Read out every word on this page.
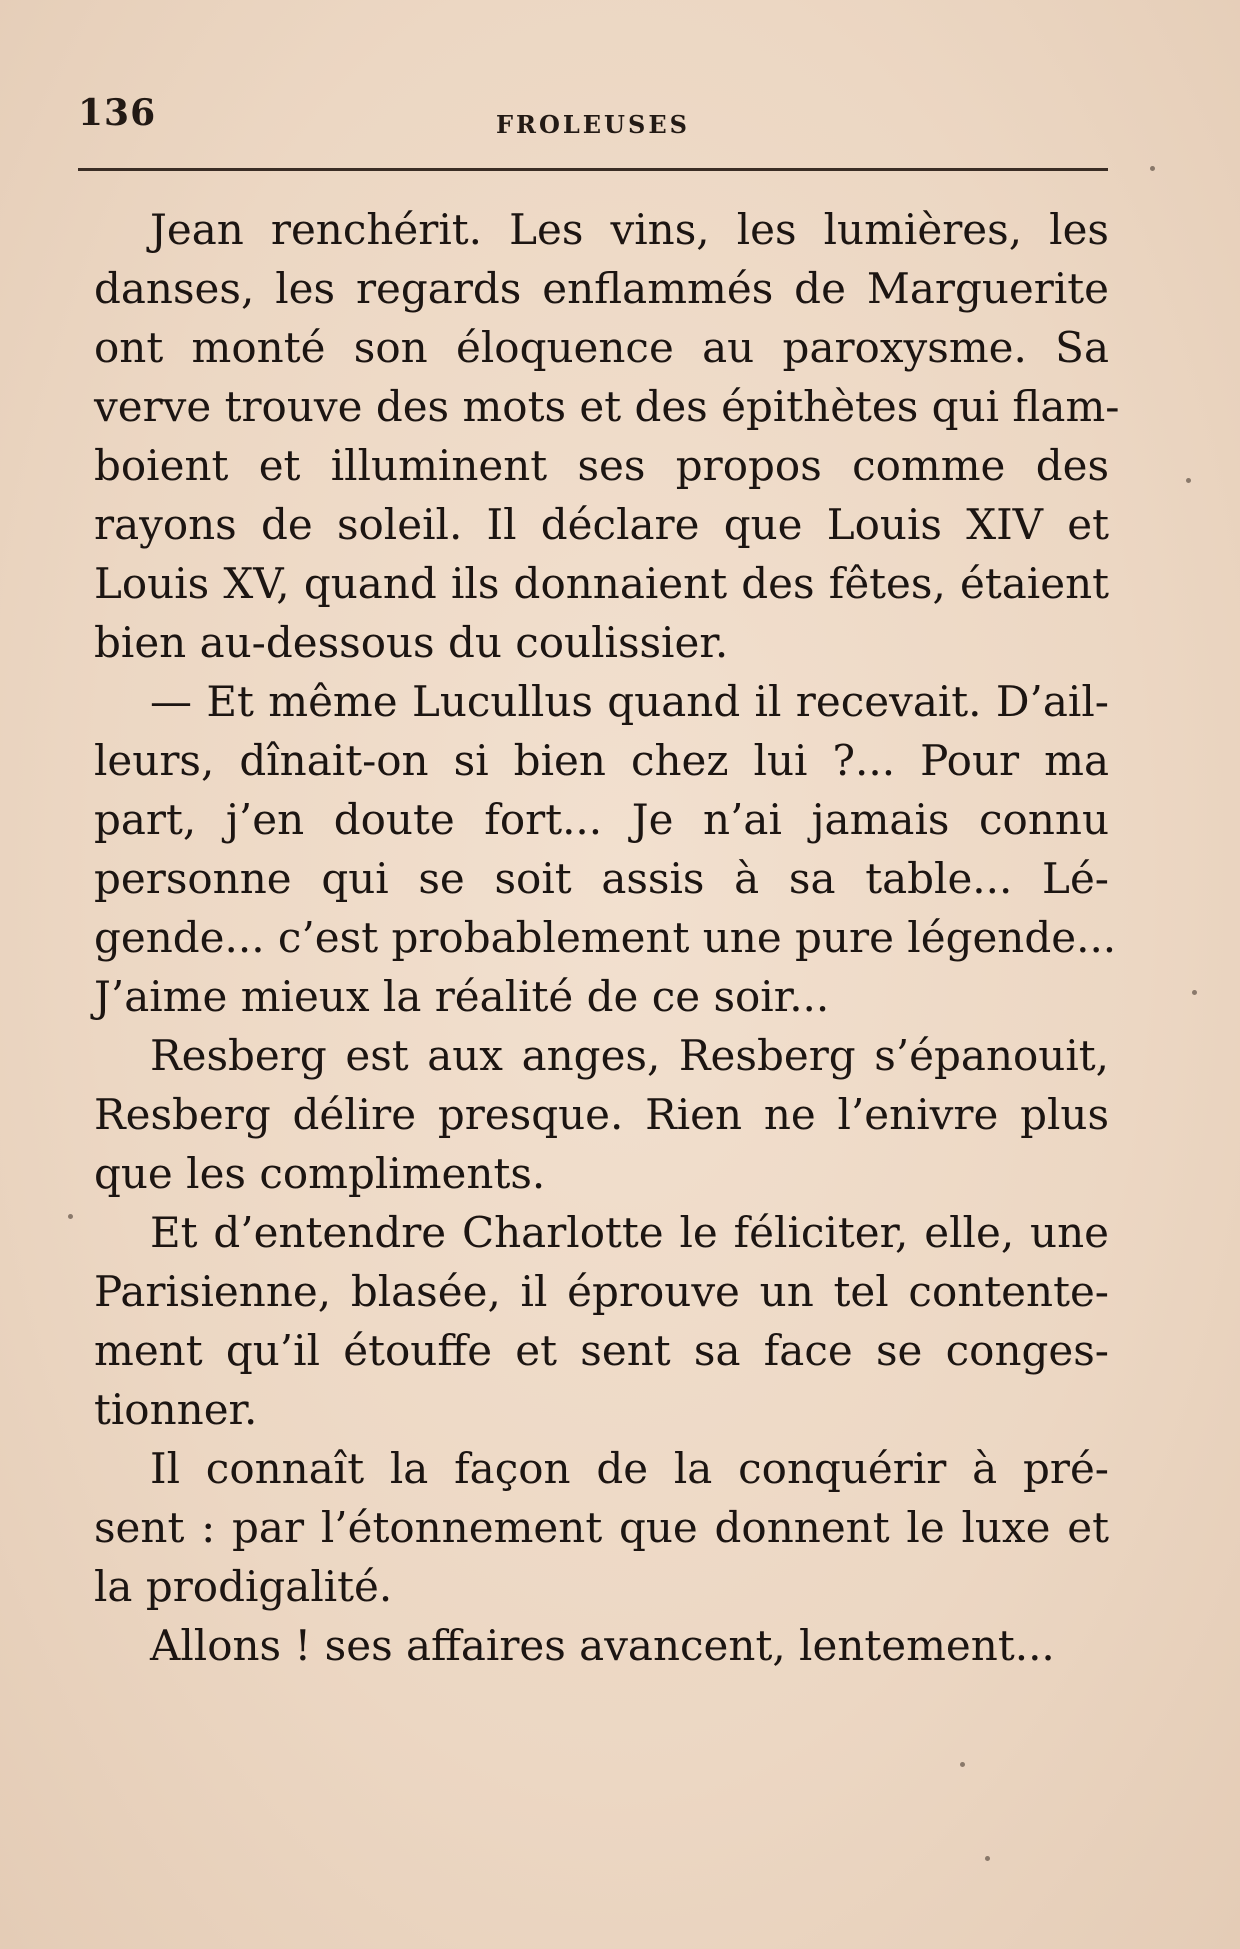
136	FROLEUSES

Jean renchérit. Les vins, les lumières, les
danses, les regards enflammés de Marguerite
ont monté son éloquence au paroxysme. Sa
verve trouve des mots et des épithètes qui flam-
boient et illuminent ses propos comme des
rayons de soleil. Il déclare que Louis XIV et
Louis XV, quand ils donnaient des fêtes, étaient
bien au-dessous du coulissier.

— Et même Lucullus quand il recevait. D’ail-
leurs, dînait-on si bien chez lui ?... Pour ma
part, j’en doute fort... Je n’ai jamais connu
personne qui se soit assis à sa table... Lé-
gende... c’est probablement une pure légende...
J’aime mieux la réalité de ce soir...

Resberg est aux anges, Resberg s’épanouit,
Resberg délire presque. Rien ne l’enivre plus
que les compliments.

Et d’entendre Charlotte le féliciter, elle, une
Parisienne, blasée, il éprouve un tel contente-
ment qu’il étouffe et sent sa face se conges-
tionner.

Il connaît la façon de la conquérir à pré-
sent : par l’étonnement que donnent le luxe et
la prodigalité.

Allons ! ses affaires avancent, lentement...
